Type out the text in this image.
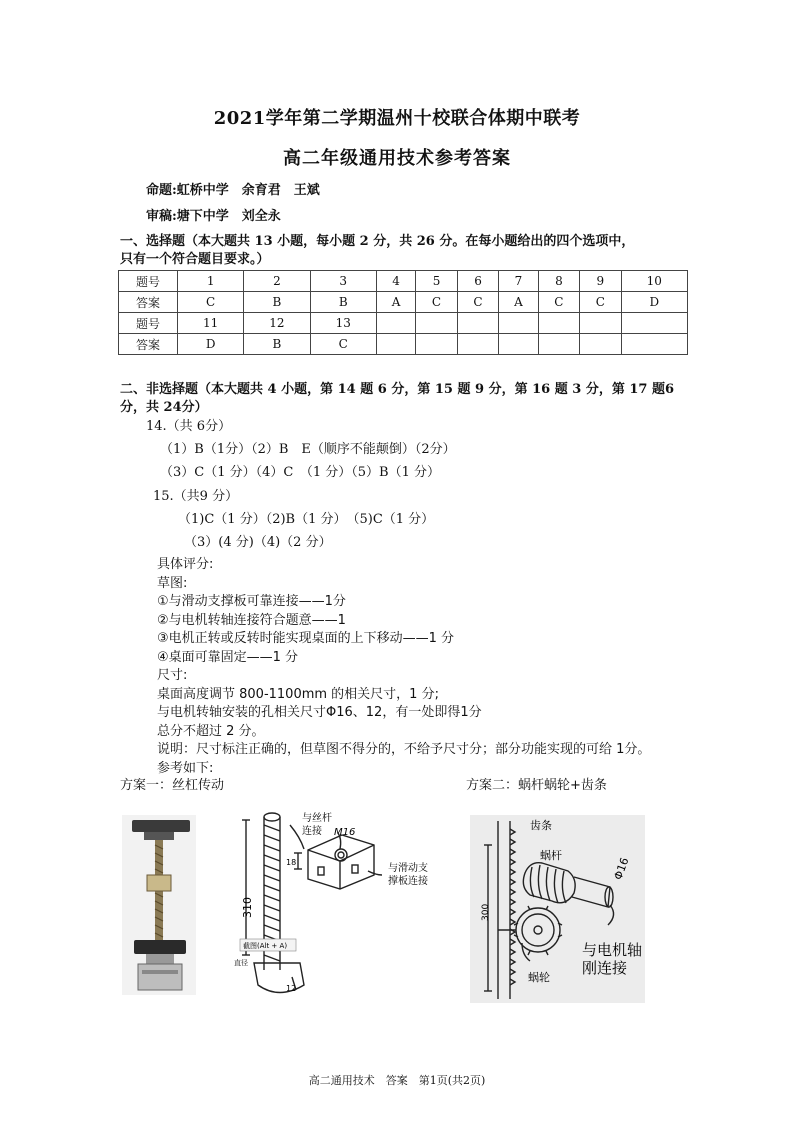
2021学年第二学期温州十校联合体期中联考
高二年级通用技术参考答案
命题:虹桥中学　余育君　王斌
审稿:塘下中学　刘全永
一、选择题（本大题共 13 小题，每小题 2 分，共 26 分。在每小题给出的四个选项中，
只有一个符合题目要求。）
题号	1	2	3	4	5	6	7	8	9	10
答案	C	B	B	A	C	C	A	C	C	D
题号	11	12	13							
答案	D	B	C							
二、非选择题（本大题共 4 小题，第 14 题 6 分，第 15 题 9 分，第 16 题 3 分，第 17 题6
分，共 24分）
14.（共 6分）
（1）B（1分）（2）B　E（顺序不能颠倒）（2分）
（3）C（1 分）（4）C　（1 分）（5）B（1 分）
15.（共9 分）
（1)C（1 分）（2)B（1 分）　（5)C（1 分）
（3）(4 分)（4)（2 分）
具体评分:
草图:
①与滑动支撑板可靠连接——1分
②与电机转轴连接符合题意——1
③电机正转或反转时能实现桌面的上下移动——1 分
④桌面可靠固定——1 分
尺寸:
桌面高度调节 800-1100mm 的相关尺寸，1 分;
与电机转轴安装的孔相关尺寸Φ16、12，有一处即得1分
总分不超过 2 分。
说明：尺寸标注正确的，但草图不得分的，不给予尺寸分；部分功能实现的可给 1分。
参考如下:
方案一：丝杠传动	方案二：蜗杆蜗轮+齿条
与丝杆
连接 M16
与滑动支
撑板连接
310
18
12
截图(Alt + A)
直径
齿条
蜗杆
蜗轮
300
Φ16
与电机轴
刚连接
高二通用技术　答案　第1页(共2页)
